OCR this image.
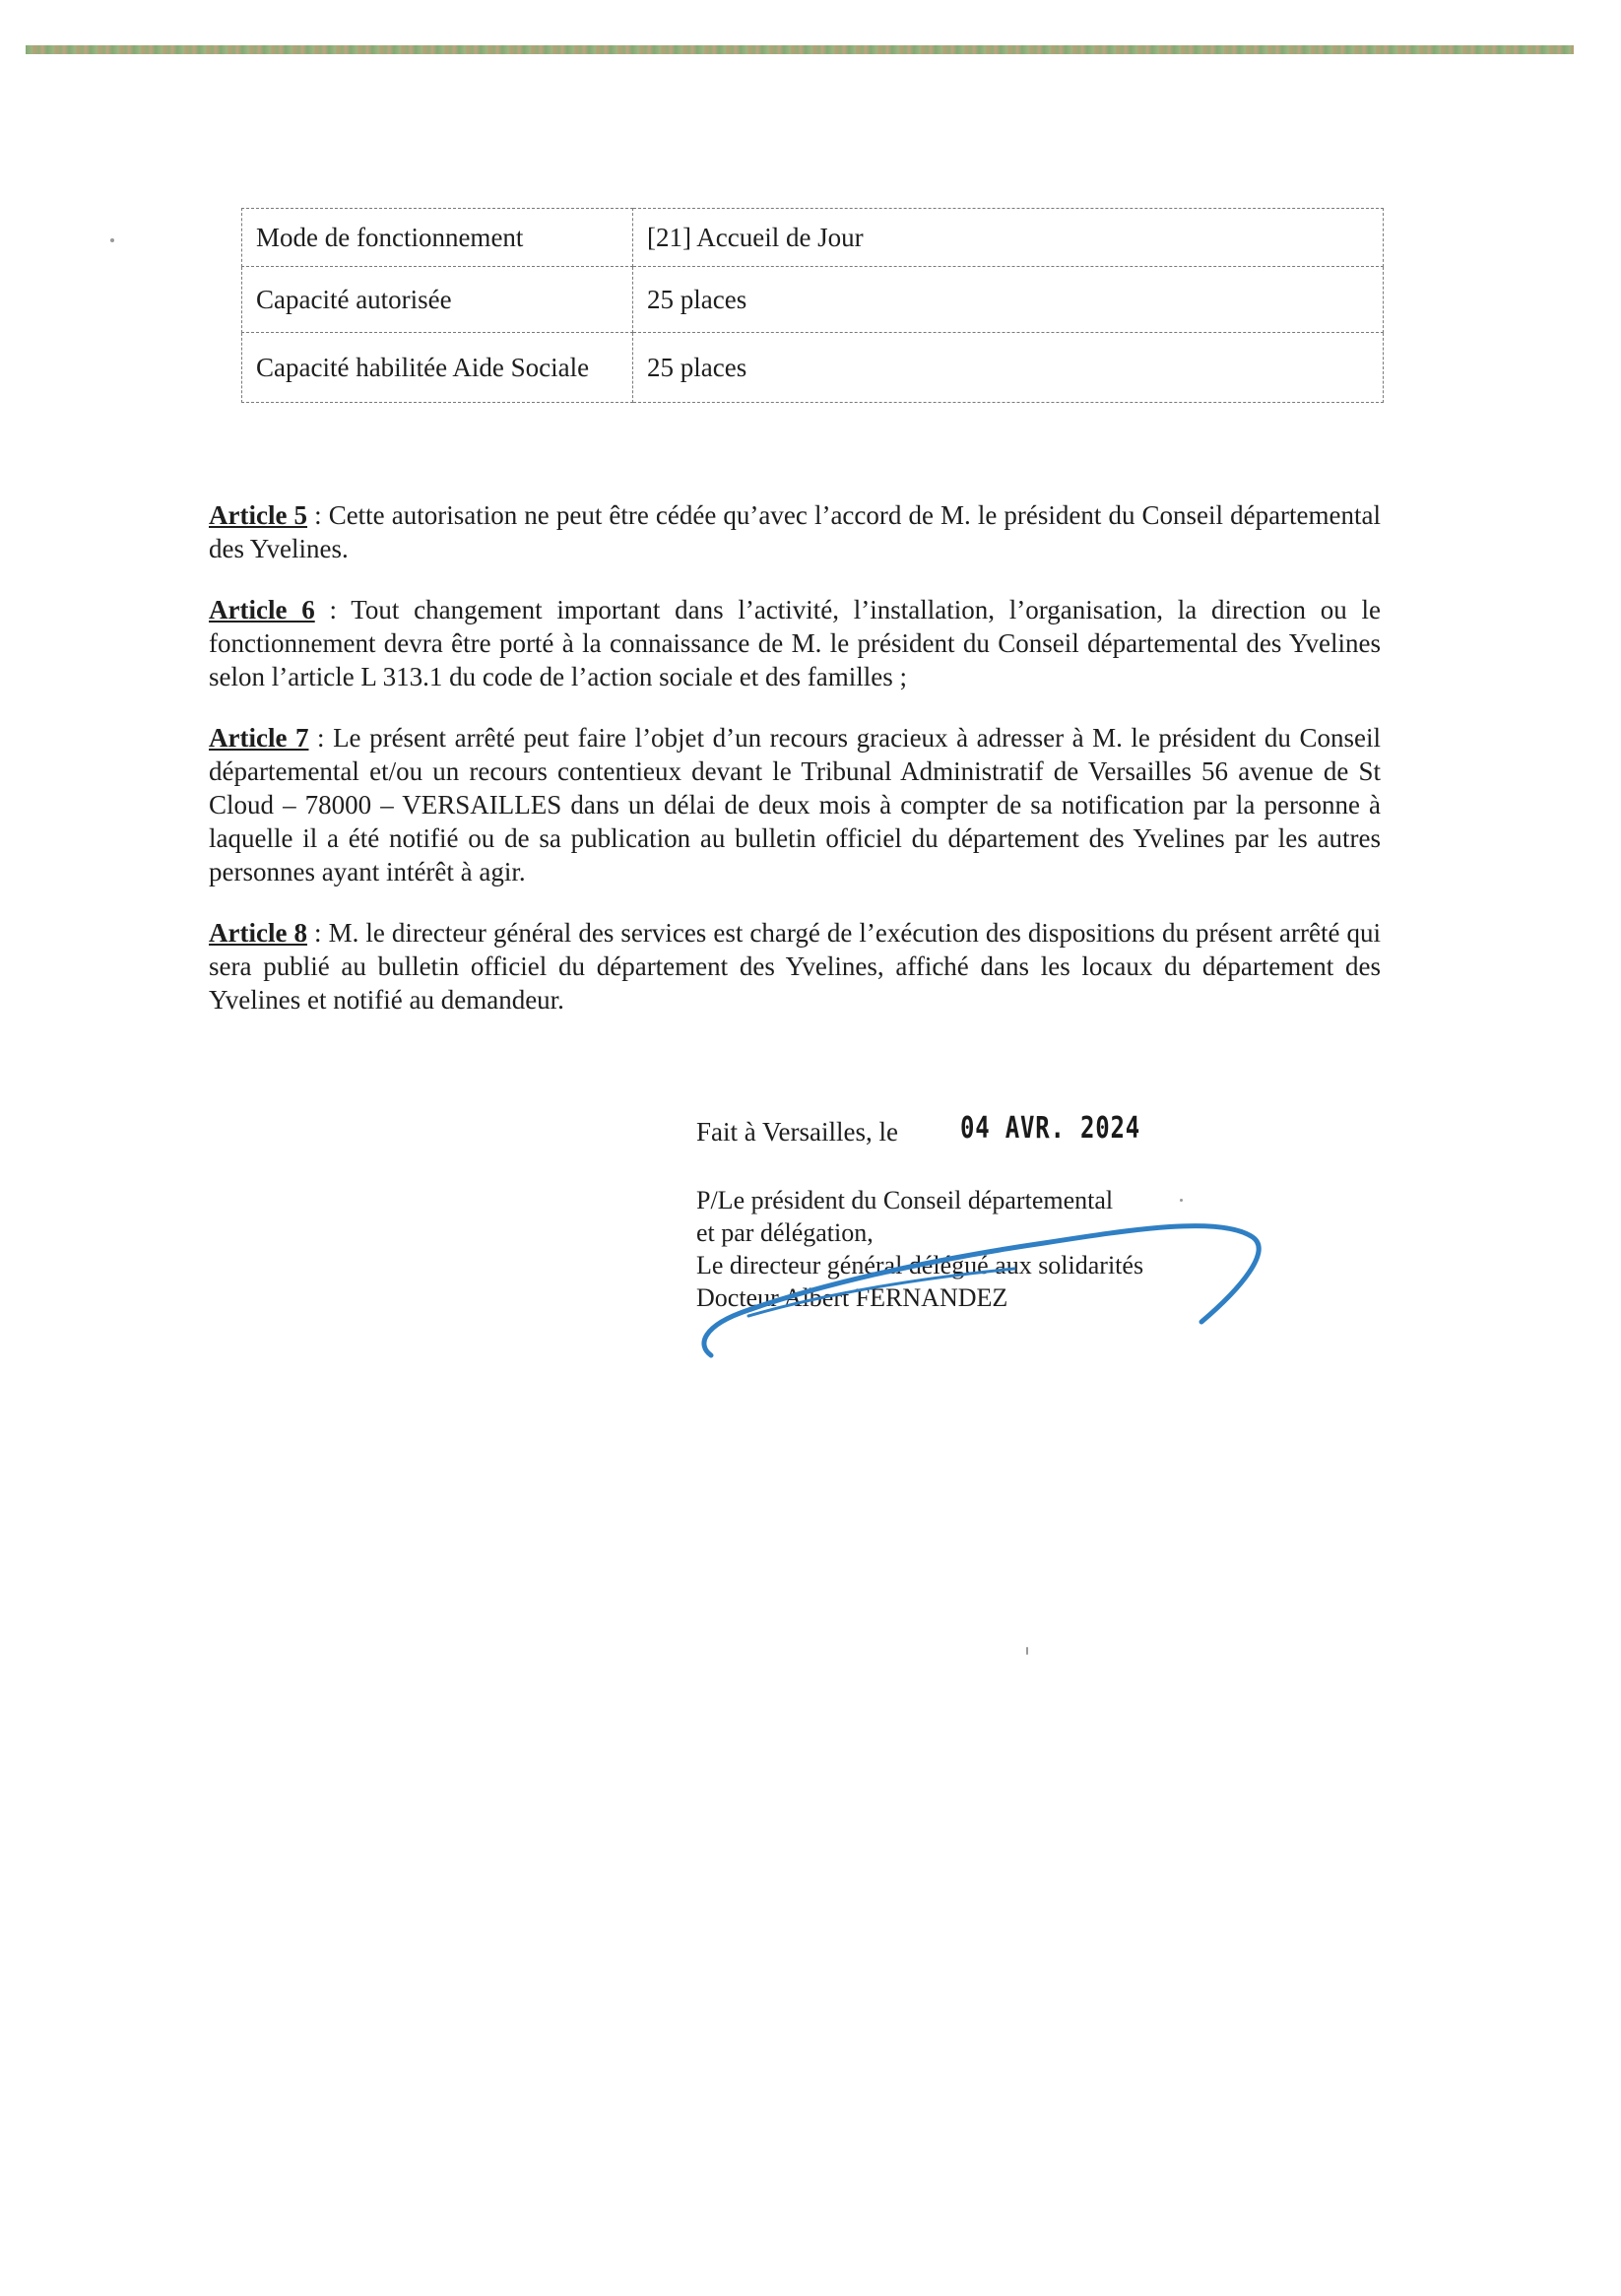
Mode de fonctionnement	[21] Accueil de Jour
Capacité autorisée	25 places
Capacité habilitée Aide Sociale	25 places

Article 5 : Cette autorisation ne peut être cédée qu’avec l’accord de M. le président du Conseil départemental des Yvelines.

Article 6 : Tout changement important dans l’activité, l’installation, l’organisation, la direction ou le fonctionnement devra être porté à la connaissance de M. le président du Conseil départemental des Yvelines selon l’article L 313.1 du code de l’action sociale et des familles ;

Article 7 : Le présent arrêté peut faire l’objet d’un recours gracieux à adresser à M. le président du Conseil départemental et/ou un recours contentieux devant le Tribunal Administratif de Versailles 56 avenue de St Cloud – 78000 – VERSAILLES dans un délai de deux mois à compter de sa notification par la personne à laquelle il a été notifié ou de sa publication au bulletin officiel du département des Yvelines par les autres personnes ayant intérêt à agir.

Article 8 : M. le directeur général des services est chargé de l’exécution des dispositions du présent arrêté qui sera publié au bulletin officiel du département des Yvelines, affiché dans les locaux du département des Yvelines et notifié au demandeur.

Fait à Versailles, le 04 AVR. 2024
P/Le président du Conseil départemental
et par délégation,
Le directeur général délégué aux solidarités
Docteur Albert FERNANDEZ
